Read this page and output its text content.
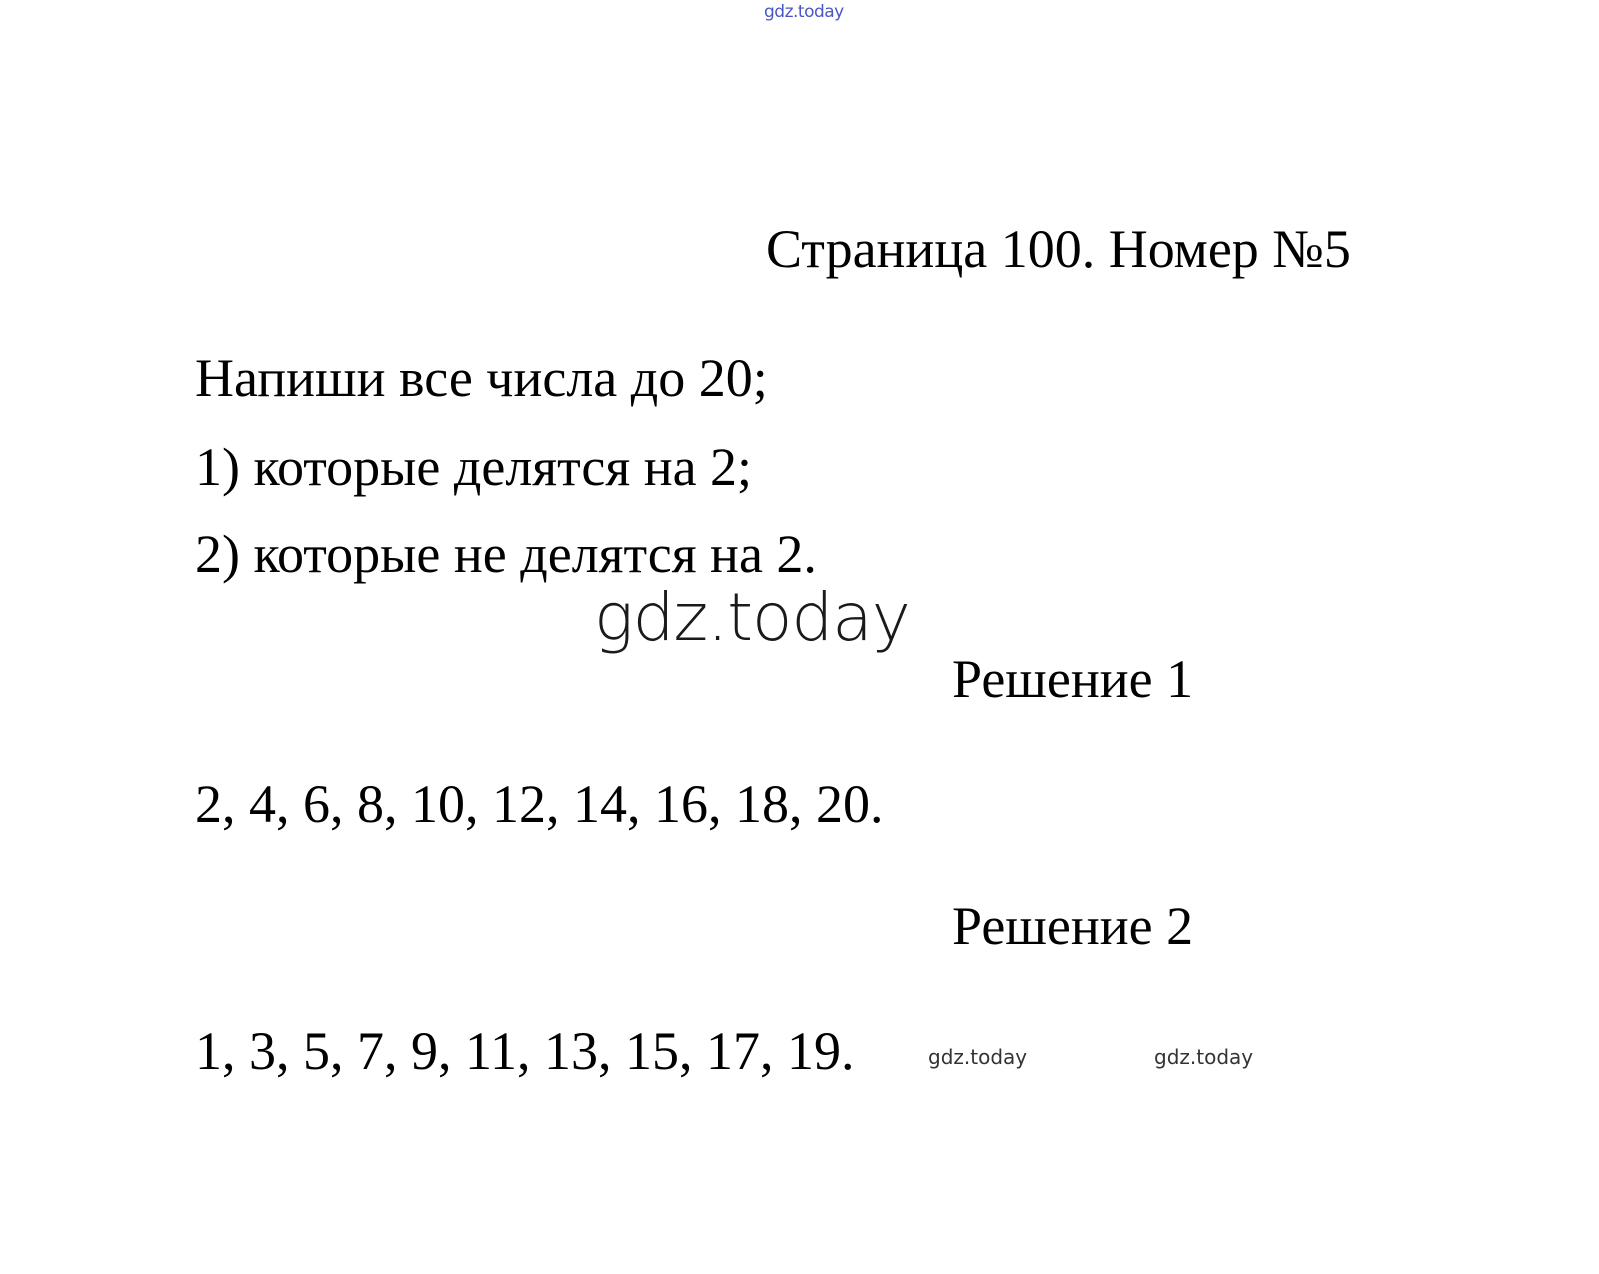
gdz.today
Страница 100. Номер №5
Напиши все числа до 20;
1) которые делятся на 2;
2) которые не делятся на 2.
gdz.today
Решение 1
2, 4, 6, 8, 10, 12, 14, 16, 18, 20.
Решение 2
1, 3, 5, 7, 9, 11, 13, 15, 17, 19.	gdz.today	gdz.today
